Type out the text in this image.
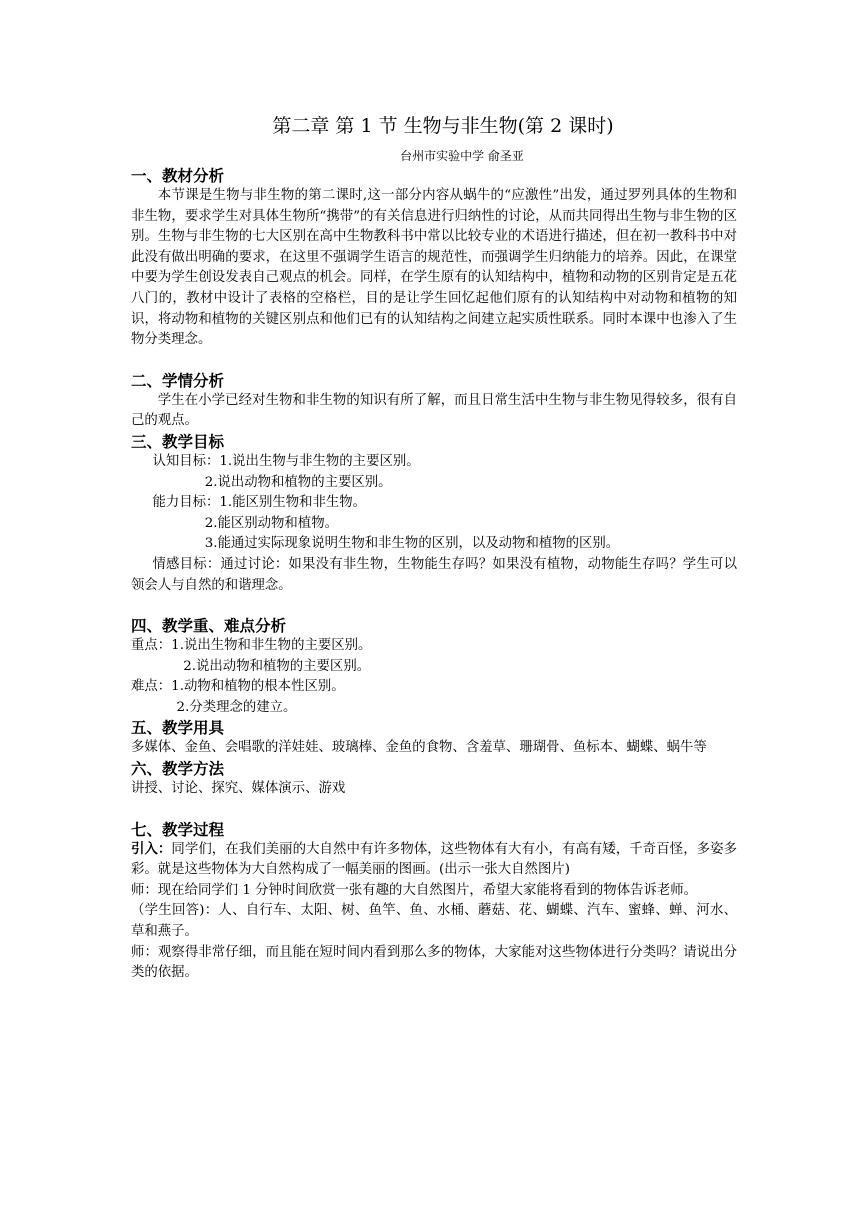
第二章 第 1 节 生物与非生物(第 2 课时)
台州市实验中学 俞圣亚
一、教材分析

本节课是生物与非生物的第二课时,这一部分内容从蜗牛的“应激性”出发，通过罗列具体的生物和非生物，要求学生对具体生物所“携带”的有关信息进行归纳性的讨论，从而共同得出生物与非生物的区别。生物与非生物的七大区别在高中生物教科书中常以比较专业的术语进行描述，但在初一教科书中对此没有做出明确的要求，在这里不强调学生语言的规范性，而强调学生归纳能力的培养。因此，在课堂中要为学生创设发表自己观点的机会。同样，在学生原有的认知结构中，植物和动物的区别肯定是五花八门的，教材中设计了表格的空格栏，目的是让学生回忆起他们原有的认知结构中对动物和植物的知识，将动物和植物的关键区别点和他们已有的认知结构之间建立起实质性联系。同时本课中也渗入了生物分类理念。

二、学情分析

学生在小学已经对生物和非生物的知识有所了解，而且日常生活中生物与非生物见得较多，很有自己的观点。

三、教学目标

认知目标：1.说出生物与非生物的主要区别。

2.说出动物和植物的主要区别。

能力目标：1.能区别生物和非生物。

2.能区别动物和植物。

3.能通过实际现象说明生物和非生物的区别，以及动物和植物的区别。

情感目标：通过讨论：如果没有非生物，生物能生存吗？如果没有植物，动物能生存吗？学生可以领会人与自然的和谐理念。

四、教学重、难点分析

重点：1.说出生物和非生物的主要区别。

2.说出动物和植物的主要区别。

难点：1.动物和植物的根本性区别。

2.分类理念的建立。

五、教学用具

多媒体、金鱼、会唱歌的洋娃娃、玻璃棒、金鱼的食物、含羞草、珊瑚骨、鱼标本、蝴蝶、蜗牛等

六、教学方法

讲授、讨论、探究、媒体演示、游戏

七、教学过程

引入：同学们，在我们美丽的大自然中有许多物体，这些物体有大有小，有高有矮，千奇百怪，多姿多彩。就是这些物体为大自然构成了一幅美丽的图画。(出示一张大自然图片)

师：现在给同学们 1 分钟时间欣赏一张有趣的大自然图片，希望大家能将看到的物体告诉老师。

（学生回答)：人、自行车、太阳、树、鱼竿、鱼、水桶、蘑菇、花、蝴蝶、汽车、蜜蜂、蝉、河水、草和燕子。

师：观察得非常仔细，而且能在短时间内看到那么多的物体，大家能对这些物体进行分类吗？请说出分类的依据。
